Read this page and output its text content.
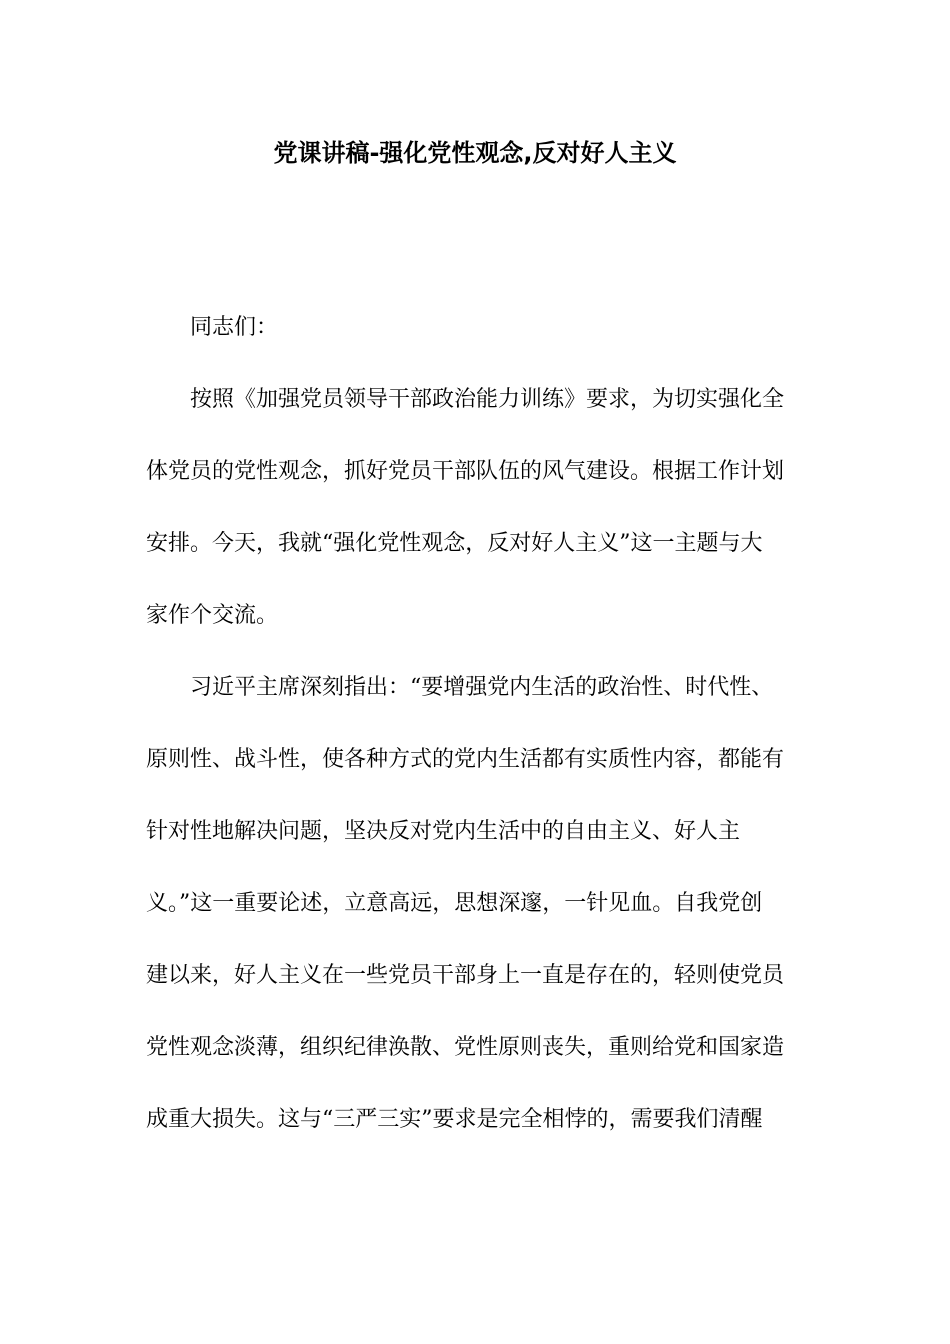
党课讲稿-强化党性观念,反对好人主义
同志们：
按照《加强党员领导干部政治能力训练》要求，为切实强化全
体党员的党性观念，抓好党员干部队伍的风气建设。根据工作计划
安排。今天，我就“强化党性观念，反对好人主义”这一主题与大
家作个交流。
习近平主席深刻指出：“要增强党内生活的政治性、时代性、
原则性、战斗性，使各种方式的党内生活都有实质性内容，都能有
针对性地解决问题，坚决反对党内生活中的自由主义、好人主
义。”这一重要论述，立意高远，思想深邃，一针见血。自我党创
建以来，好人主义在一些党员干部身上一直是存在的，轻则使党员
党性观念淡薄，组织纪律涣散、党性原则丧失，重则给党和国家造
成重大损失。这与“三严三实”要求是完全相悖的，需要我们清醒
